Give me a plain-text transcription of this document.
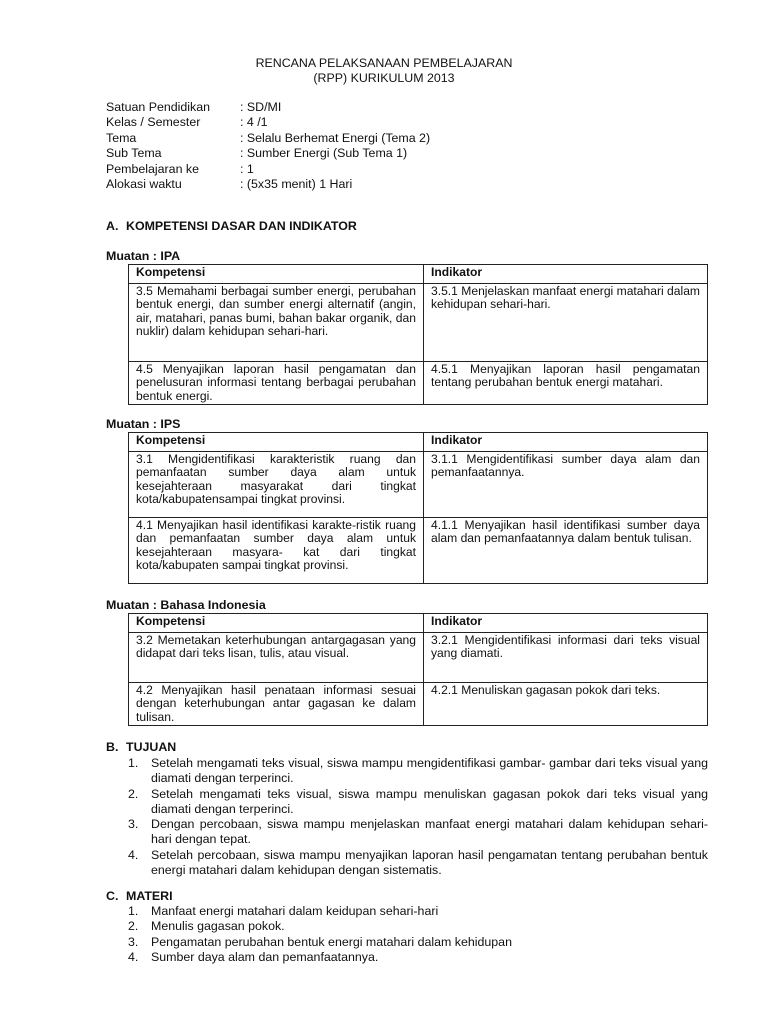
RENCANA PELAKSANAAN PEMBELAJARAN
(RPP) KURIKULUM 2013
Satuan Pendidikan : SD/MI
Kelas / Semester	: 4 /1
Tema	: Selalu Berhemat Energi (Tema 2)
Sub Tema	: Sumber Energi (Sub Tema 1)
Pembelajaran ke	: 1
Alokasi waktu	: (5x35 menit) 1 Hari
A. KOMPETENSI DASAR DAN INDIKATOR
Muatan : IPA
Kompetensi	Indikator
3.5 Memahami berbagai sumber energi, perubahan bentuk energi, dan sumber energi alternatif (angin, air, matahari, panas bumi, bahan bakar organik, dan nuklir) dalam kehidupan sehari-hari.	3.5.1 Menjelaskan manfaat energi matahari dalam kehidupan sehari-hari.
4.5 Menyajikan laporan hasil pengamatan dan penelusuran informasi tentang berbagai perubahan bentuk energi.	4.5.1 Menyajikan laporan hasil pengamatan tentang perubahan bentuk energi matahari.
Muatan : IPS
Kompetensi	Indikator
3.1 Mengidentifikasi karakteristik ruang dan pemanfaatan sumber daya alam untuk kesejahteraan masyarakat dari tingkat kota/kabupatensampai tingkat provinsi.	3.1.1 Mengidentifikasi sumber daya alam dan pemanfaatannya.
4.1 Menyajikan hasil identifikasi karakte-ristik ruang dan pemanfaatan sumber daya alam untuk kesejahteraan masyara- kat dari tingkat kota/kabupaten sampai tingkat provinsi.	4.1.1 Menyajikan hasil identifikasi sumber daya alam dan pemanfaatannya dalam bentuk tulisan.
Muatan : Bahasa Indonesia
Kompetensi	Indikator
3.2 Memetakan keterhubungan antargagasan yang didapat dari teks lisan, tulis, atau visual.	3.2.1 Mengidentifikasi informasi dari teks visual yang diamati.
4.2 Menyajikan hasil penataan informasi sesuai dengan keterhubungan antar gagasan ke dalam tulisan.	4.2.1 Menuliskan gagasan pokok dari teks.
B. TUJUAN
1. Setelah mengamati teks visual, siswa mampu mengidentifikasi gambar- gambar dari teks visual yang diamati dengan terperinci.
2. Setelah mengamati teks visual, siswa mampu menuliskan gagasan pokok dari teks visual yang diamati dengan terperinci.
3. Dengan percobaan, siswa mampu menjelaskan manfaat energi matahari dalam kehidupan sehari-hari dengan tepat.
4. Setelah percobaan, siswa mampu menyajikan laporan hasil pengamatan tentang perubahan bentuk energi matahari dalam kehidupan dengan sistematis.
C. MATERI
1. Manfaat energi matahari dalam keidupan sehari-hari
2. Menulis gagasan pokok.
3. Pengamatan perubahan bentuk energi matahari dalam kehidupan
4. Sumber daya alam dan pemanfaatannya.
